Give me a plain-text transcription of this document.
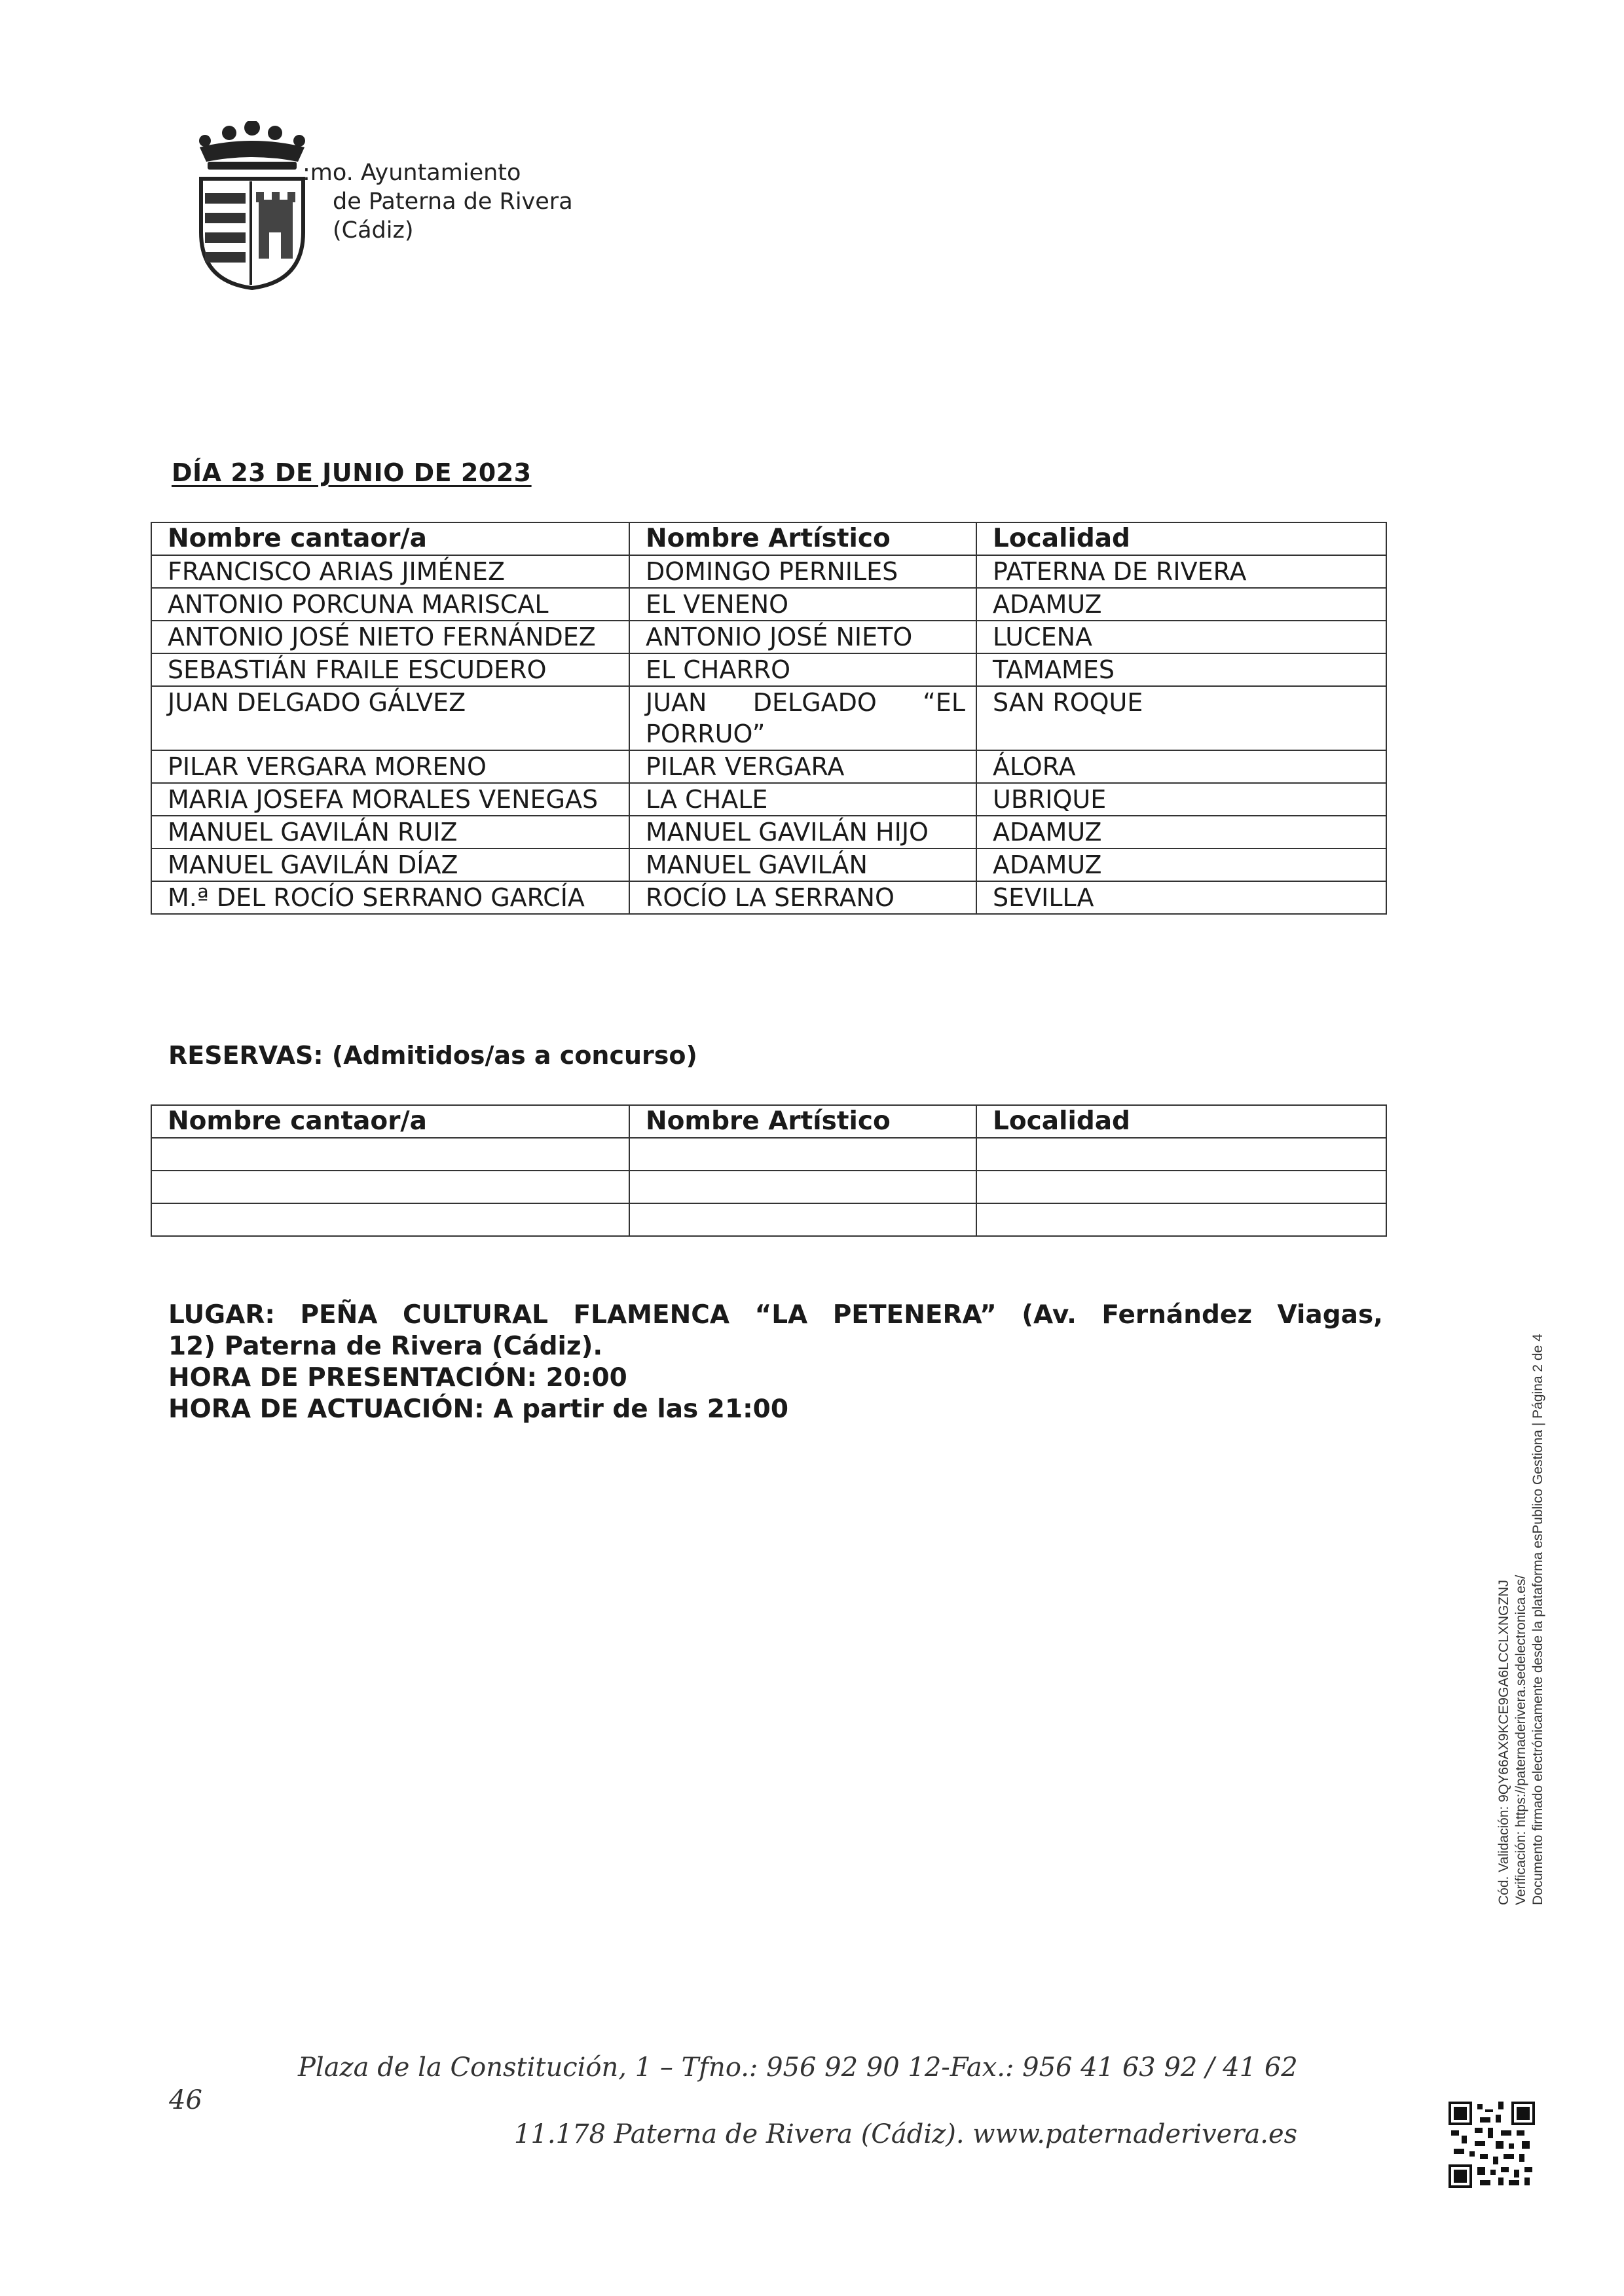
:mo. Ayuntamiento
de Paterna de Rivera
(Cádiz)
DÍA 23 DE JUNIO DE 2023
Nombre cantaor/a	Nombre Artístico	Localidad
FRANCISCO ARIAS JIMÉNEZ	DOMINGO PERNILES	PATERNA DE RIVERA
ANTONIO PORCUNA MARISCAL	EL VENENO	ADAMUZ
ANTONIO JOSÉ NIETO FERNÁNDEZ	ANTONIO JOSÉ NIETO	LUCENA
SEBASTIÁN FRAILE ESCUDERO	EL CHARRO	TAMAMES
JUAN DELGADO GÁLVEZ	JUAN DELGADO “EL PORRUO”	SAN ROQUE
PILAR VERGARA MORENO	PILAR VERGARA	ÁLORA
MARIA JOSEFA MORALES VENEGAS	LA CHALE	UBRIQUE
MANUEL GAVILÁN RUIZ	MANUEL GAVILÁN HIJO	ADAMUZ
MANUEL GAVILÁN DÍAZ	MANUEL GAVILÁN	ADAMUZ
M.ª DEL ROCÍO SERRANO GARCÍA	ROCÍO LA SERRANO	SEVILLA
RESERVAS: (Admitidos/as a concurso)
Nombre cantaor/a	Nombre Artístico	Localidad

LUGAR: PEÑA CULTURAL FLAMENCA “LA PETENERA” (Av. Fernández Viagas,
12) Paterna de Rivera (Cádiz).
HORA DE PRESENTACIÓN: 20:00
HORA DE ACTUACIÓN: A partir de las 21:00
Cód. Validación: 9QY66AX9KCE9GA6LCCLXNGZNJ Verificación: https://paternaderivera.sedelectronica.es/ Documento firmado electrónicamente desde la plataforma esPublico Gestiona | Página 2 de 4
46
Plaza de la Constitución, 1 – Tfno.: 956 92 90 12-Fax.: 956 41 63 92 / 41 62
11.178 Paterna de Rivera (Cádiz). www.paternaderivera.es
